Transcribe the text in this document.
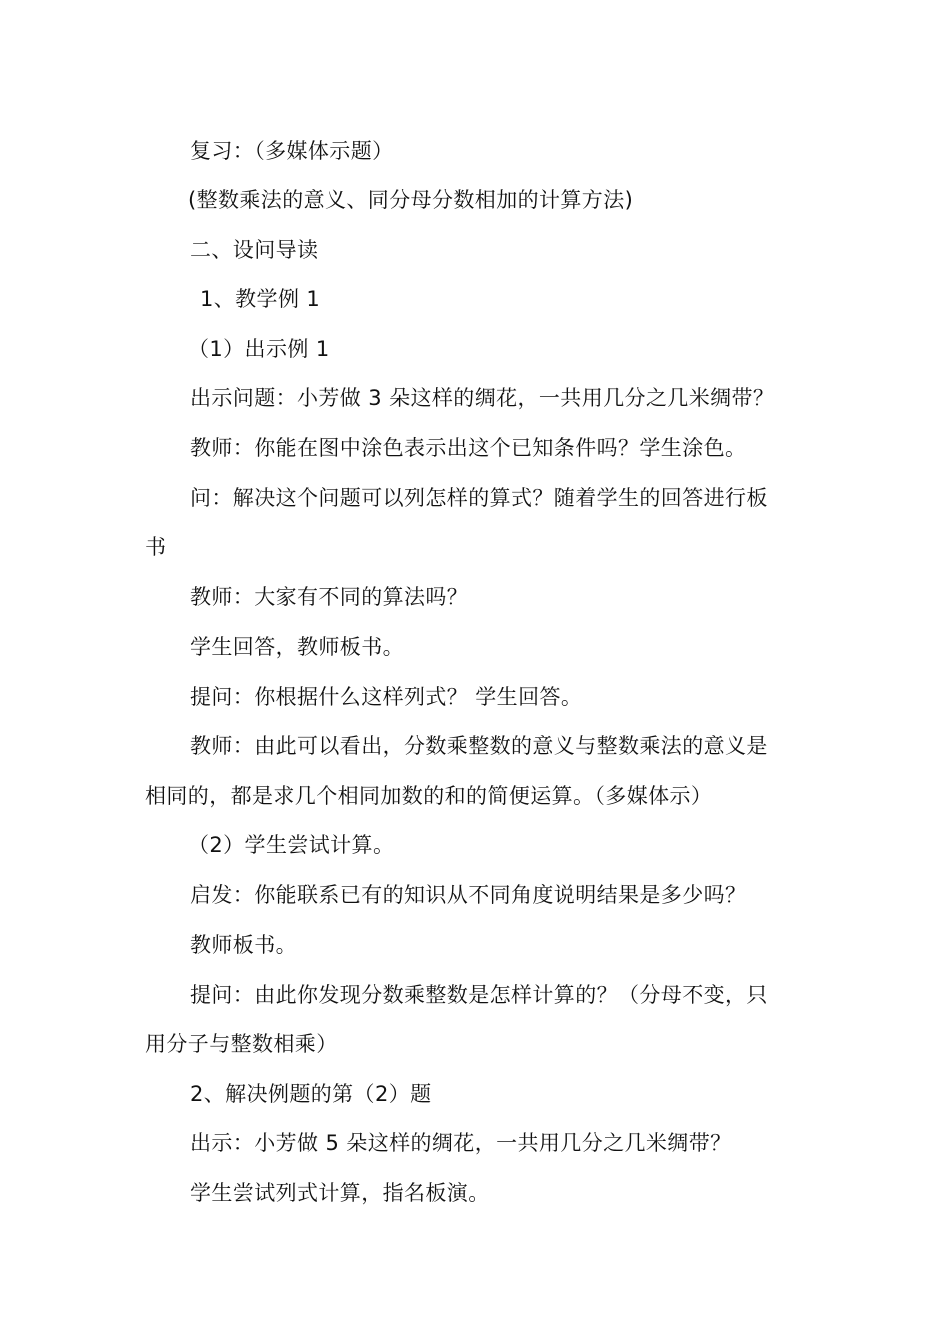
复习：（多媒体示题）
(整数乘法的意义、同分母分数相加的计算方法)
二、设问导读
1、教学例 1
（1）出示例 1
出示问题：小芳做 3 朵这样的绸花，一共用几分之几米绸带？
教师：你能在图中涂色表示出这个已知条件吗？学生涂色。
问：解决这个问题可以列怎样的算式？随着学生的回答进行板
书
教师：大家有不同的算法吗？
学生回答，教师板书。
提问：你根据什么这样列式？ 学生回答。
教师：由此可以看出，分数乘整数的意义与整数乘法的意义是
相同的，都是求几个相同加数的和的简便运算。（多媒体示）
（2）学生尝试计算。
启发：你能联系已有的知识从不同角度说明结果是多少吗？
教师板书。
提问：由此你发现分数乘整数是怎样计算的？（分母不变，只
用分子与整数相乘）
2、解决例题的第（2）题
出示：小芳做 5 朵这样的绸花，一共用几分之几米绸带？
学生尝试列式计算，指名板演。
